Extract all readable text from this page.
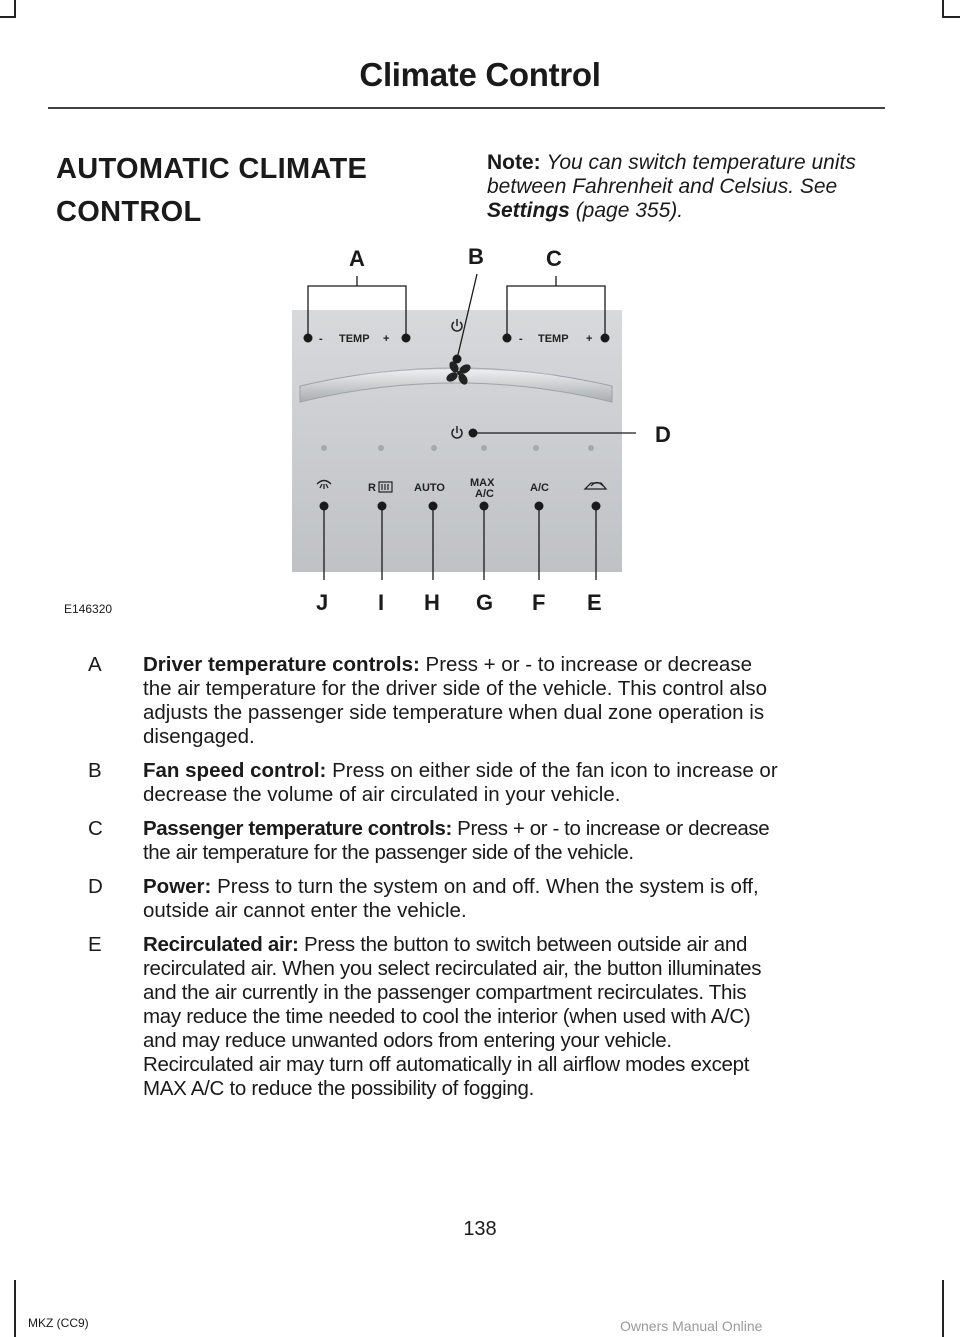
Climate Control
AUTOMATIC CLIMATE CONTROL

Note: You can switch temperature units between Fahrenheit and Celsius. See Settings (page 355).

- TEMP +	- TEMP +
R	AUTO MAX
A/C	A/C
A	B	C
D
J I H G F E
E146320
A Driver temperature controls: Press + or - to increase or decrease
the air temperature for the driver side of the vehicle. This control also
adjusts the passenger side temperature when dual zone operation is
disengaged.
B Fan speed control: Press on either side of the fan icon to increase or
decrease the volume of air circulated in your vehicle.
C Passenger temperature controls: Press + or - to increase or decrease
the air temperature for the passenger side of the vehicle.
D Power: Press to turn the system on and off. When the system is off,
outside air cannot enter the vehicle.
E Recirculated air: Press the button to switch between outside air and
recirculated air. When you select recirculated air, the button illuminates
and the air currently in the passenger compartment recirculates. This
may reduce the time needed to cool the interior (when used with A/C)
and may reduce unwanted odors from entering your vehicle.
Recirculated air may turn off automatically in all airflow modes except
MAX A/C to reduce the possibility of fogging.
138
MKZ (CC9)	Owners Manual Online
